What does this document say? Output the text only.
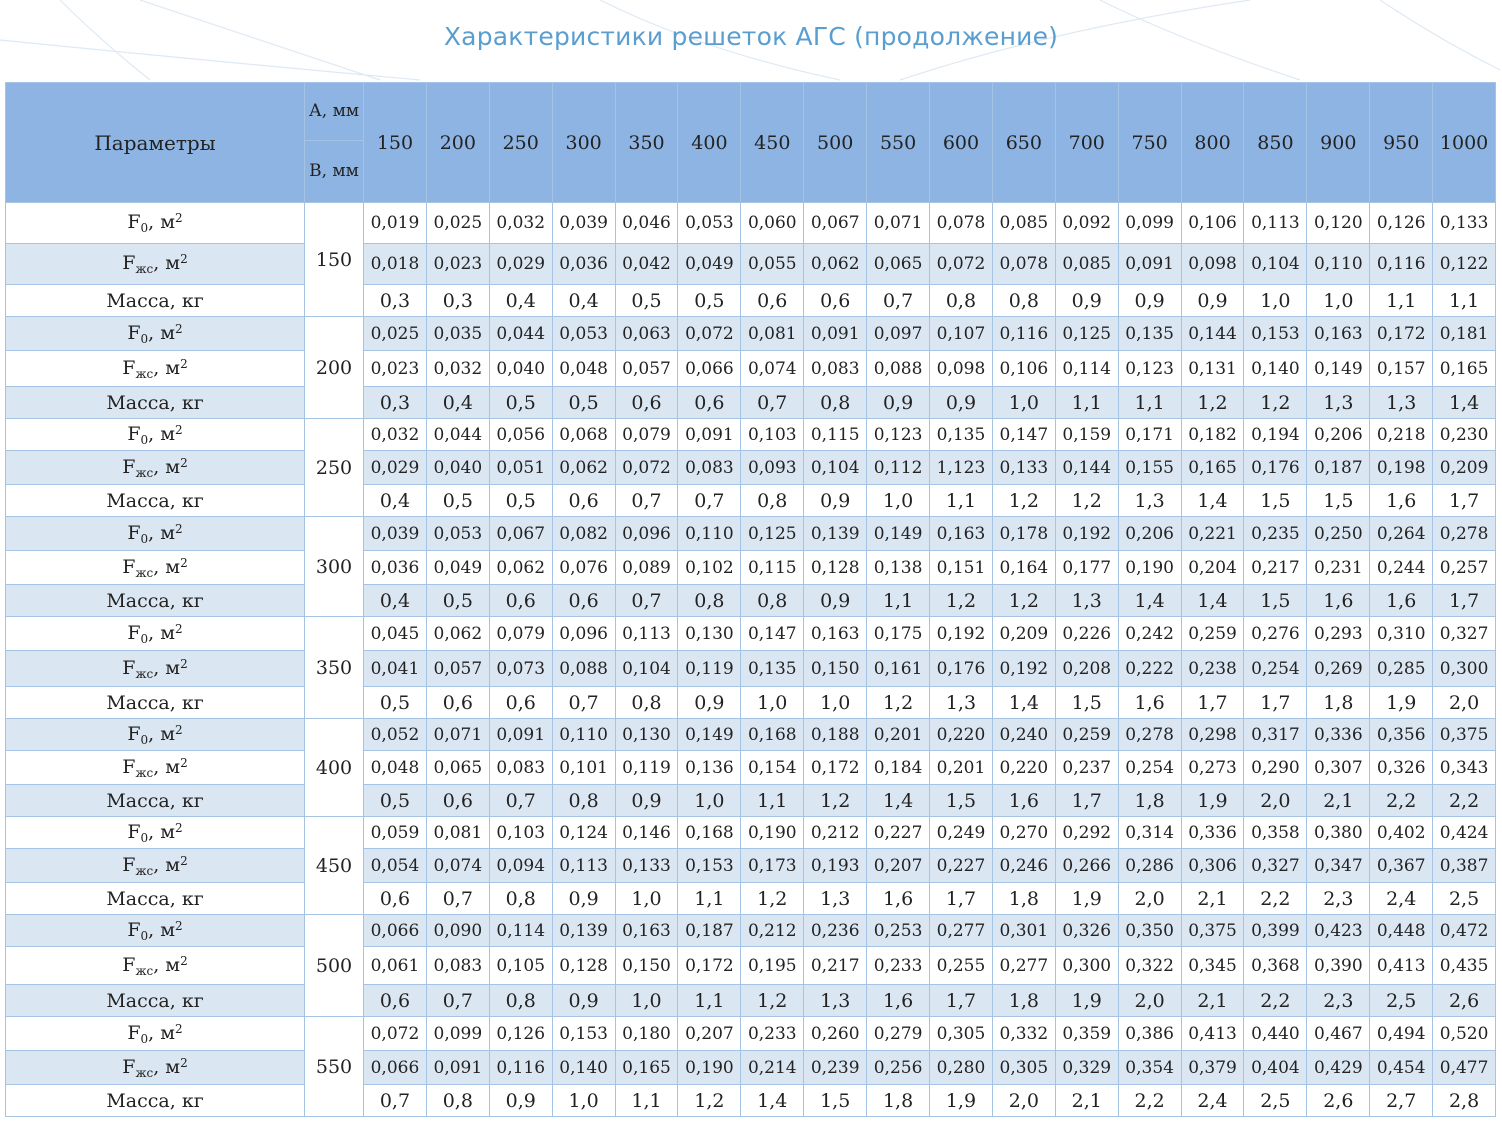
Характеристики решеток АГС (продолжение)
Параметры	А, мм	150	200	250	300	350	400	450	500	550	600	650	700	750	800	850	900	950	1000
	В, мм																		
$F_0$, $м^2$	150	0,019	0,025	0,032	0,039	0,046	0,053	0,060	0,067	0,071	0,078	0,085	0,092	0,099	0,106	0,113	0,120	0,126	0,133
$F_{жс}$, $м^2$		0,018	0,023	0,029	0,036	0,042	0,049	0,055	0,062	0,065	0,072	0,078	0,085	0,091	0,098	0,104	0,110	0,116	0,122
Масса, кг		0,3	0,3	0,4	0,4	0,5	0,5	0,6	0,6	0,7	0,8	0,8	0,9	0,9	0,9	1,0	1,0	1,1	1,1
$F_0$, $м^2$	200	0,025	0,035	0,044	0,053	0,063	0,072	0,081	0,091	0,097	0,107	0,116	0,125	0,135	0,144	0,153	0,163	0,172	0,181
$F_{жс}$, $м^2$		0,023	0,032	0,040	0,048	0,057	0,066	0,074	0,083	0,088	0,098	0,106	0,114	0,123	0,131	0,140	0,149	0,157	0,165
Масса, кг		0,3	0,4	0,5	0,5	0,6	0,6	0,7	0,8	0,9	0,9	1,0	1,1	1,1	1,2	1,2	1,3	1,3	1,4
$F_0$, $м^2$	250	0,032	0,044	0,056	0,068	0,079	0,091	0,103	0,115	0,123	0,135	0,147	0,159	0,171	0,182	0,194	0,206	0,218	0,230
$F_{жс}$, $м^2$		0,029	0,040	0,051	0,062	0,072	0,083	0,093	0,104	0,112	1,123	0,133	0,144	0,155	0,165	0,176	0,187	0,198	0,209
Масса, кг		0,4	0,5	0,5	0,6	0,7	0,7	0,8	0,9	1,0	1,1	1,2	1,2	1,3	1,4	1,5	1,5	1,6	1,7
$F_0$, $м^2$	300	0,039	0,053	0,067	0,082	0,096	0,110	0,125	0,139	0,149	0,163	0,178	0,192	0,206	0,221	0,235	0,250	0,264	0,278
$F_{жс}$, $м^2$		0,036	0,049	0,062	0,076	0,089	0,102	0,115	0,128	0,138	0,151	0,164	0,177	0,190	0,204	0,217	0,231	0,244	0,257
Масса, кг		0,4	0,5	0,6	0,6	0,7	0,8	0,8	0,9	1,1	1,2	1,2	1,3	1,4	1,4	1,5	1,6	1,6	1,7
$F_0$, $м^2$	350	0,045	0,062	0,079	0,096	0,113	0,130	0,147	0,163	0,175	0,192	0,209	0,226	0,242	0,259	0,276	0,293	0,310	0,327
$F_{жс}$, $м^2$		0,041	0,057	0,073	0,088	0,104	0,119	0,135	0,150	0,161	0,176	0,192	0,208	0,222	0,238	0,254	0,269	0,285	0,300
Масса, кг		0,5	0,6	0,6	0,7	0,8	0,9	1,0	1,0	1,2	1,3	1,4	1,5	1,6	1,7	1,7	1,8	1,9	2,0
$F_0$, $м^2$	400	0,052	0,071	0,091	0,110	0,130	0,149	0,168	0,188	0,201	0,220	0,240	0,259	0,278	0,298	0,317	0,336	0,356	0,375
$F_{жс}$, $м^2$		0,048	0,065	0,083	0,101	0,119	0,136	0,154	0,172	0,184	0,201	0,220	0,237	0,254	0,273	0,290	0,307	0,326	0,343
Масса, кг		0,5	0,6	0,7	0,8	0,9	1,0	1,1	1,2	1,4	1,5	1,6	1,7	1,8	1,9	2,0	2,1	2,2	2,2
$F_0$, $м^2$	450	0,059	0,081	0,103	0,124	0,146	0,168	0,190	0,212	0,227	0,249	0,270	0,292	0,314	0,336	0,358	0,380	0,402	0,424
$F_{жс}$, $м^2$		0,054	0,074	0,094	0,113	0,133	0,153	0,173	0,193	0,207	0,227	0,246	0,266	0,286	0,306	0,327	0,347	0,367	0,387
Масса, кг		0,6	0,7	0,8	0,9	1,0	1,1	1,2	1,3	1,6	1,7	1,8	1,9	2,0	2,1	2,2	2,3	2,4	2,5
$F_0$, $м^2$	500	0,066	0,090	0,114	0,139	0,163	0,187	0,212	0,236	0,253	0,277	0,301	0,326	0,350	0,375	0,399	0,423	0,448	0,472
$F_{жс}$, $м^2$		0,061	0,083	0,105	0,128	0,150	0,172	0,195	0,217	0,233	0,255	0,277	0,300	0,322	0,345	0,368	0,390	0,413	0,435
Масса, кг		0,6	0,7	0,8	0,9	1,0	1,1	1,2	1,3	1,6	1,7	1,8	1,9	2,0	2,1	2,2	2,3	2,5	2,6
$F_0$, $м^2$	550	0,072	0,099	0,126	0,153	0,180	0,207	0,233	0,260	0,279	0,305	0,332	0,359	0,386	0,413	0,440	0,467	0,494	0,520
$F_{жс}$, $м^2$		0,066	0,091	0,116	0,140	0,165	0,190	0,214	0,239	0,256	0,280	0,305	0,329	0,354	0,379	0,404	0,429	0,454	0,477
Масса, кг		0,7	0,8	0,9	1,0	1,1	1,2	1,4	1,5	1,8	1,9	2,0	2,1	2,2	2,4	2,5	2,6	2,7	2,8
